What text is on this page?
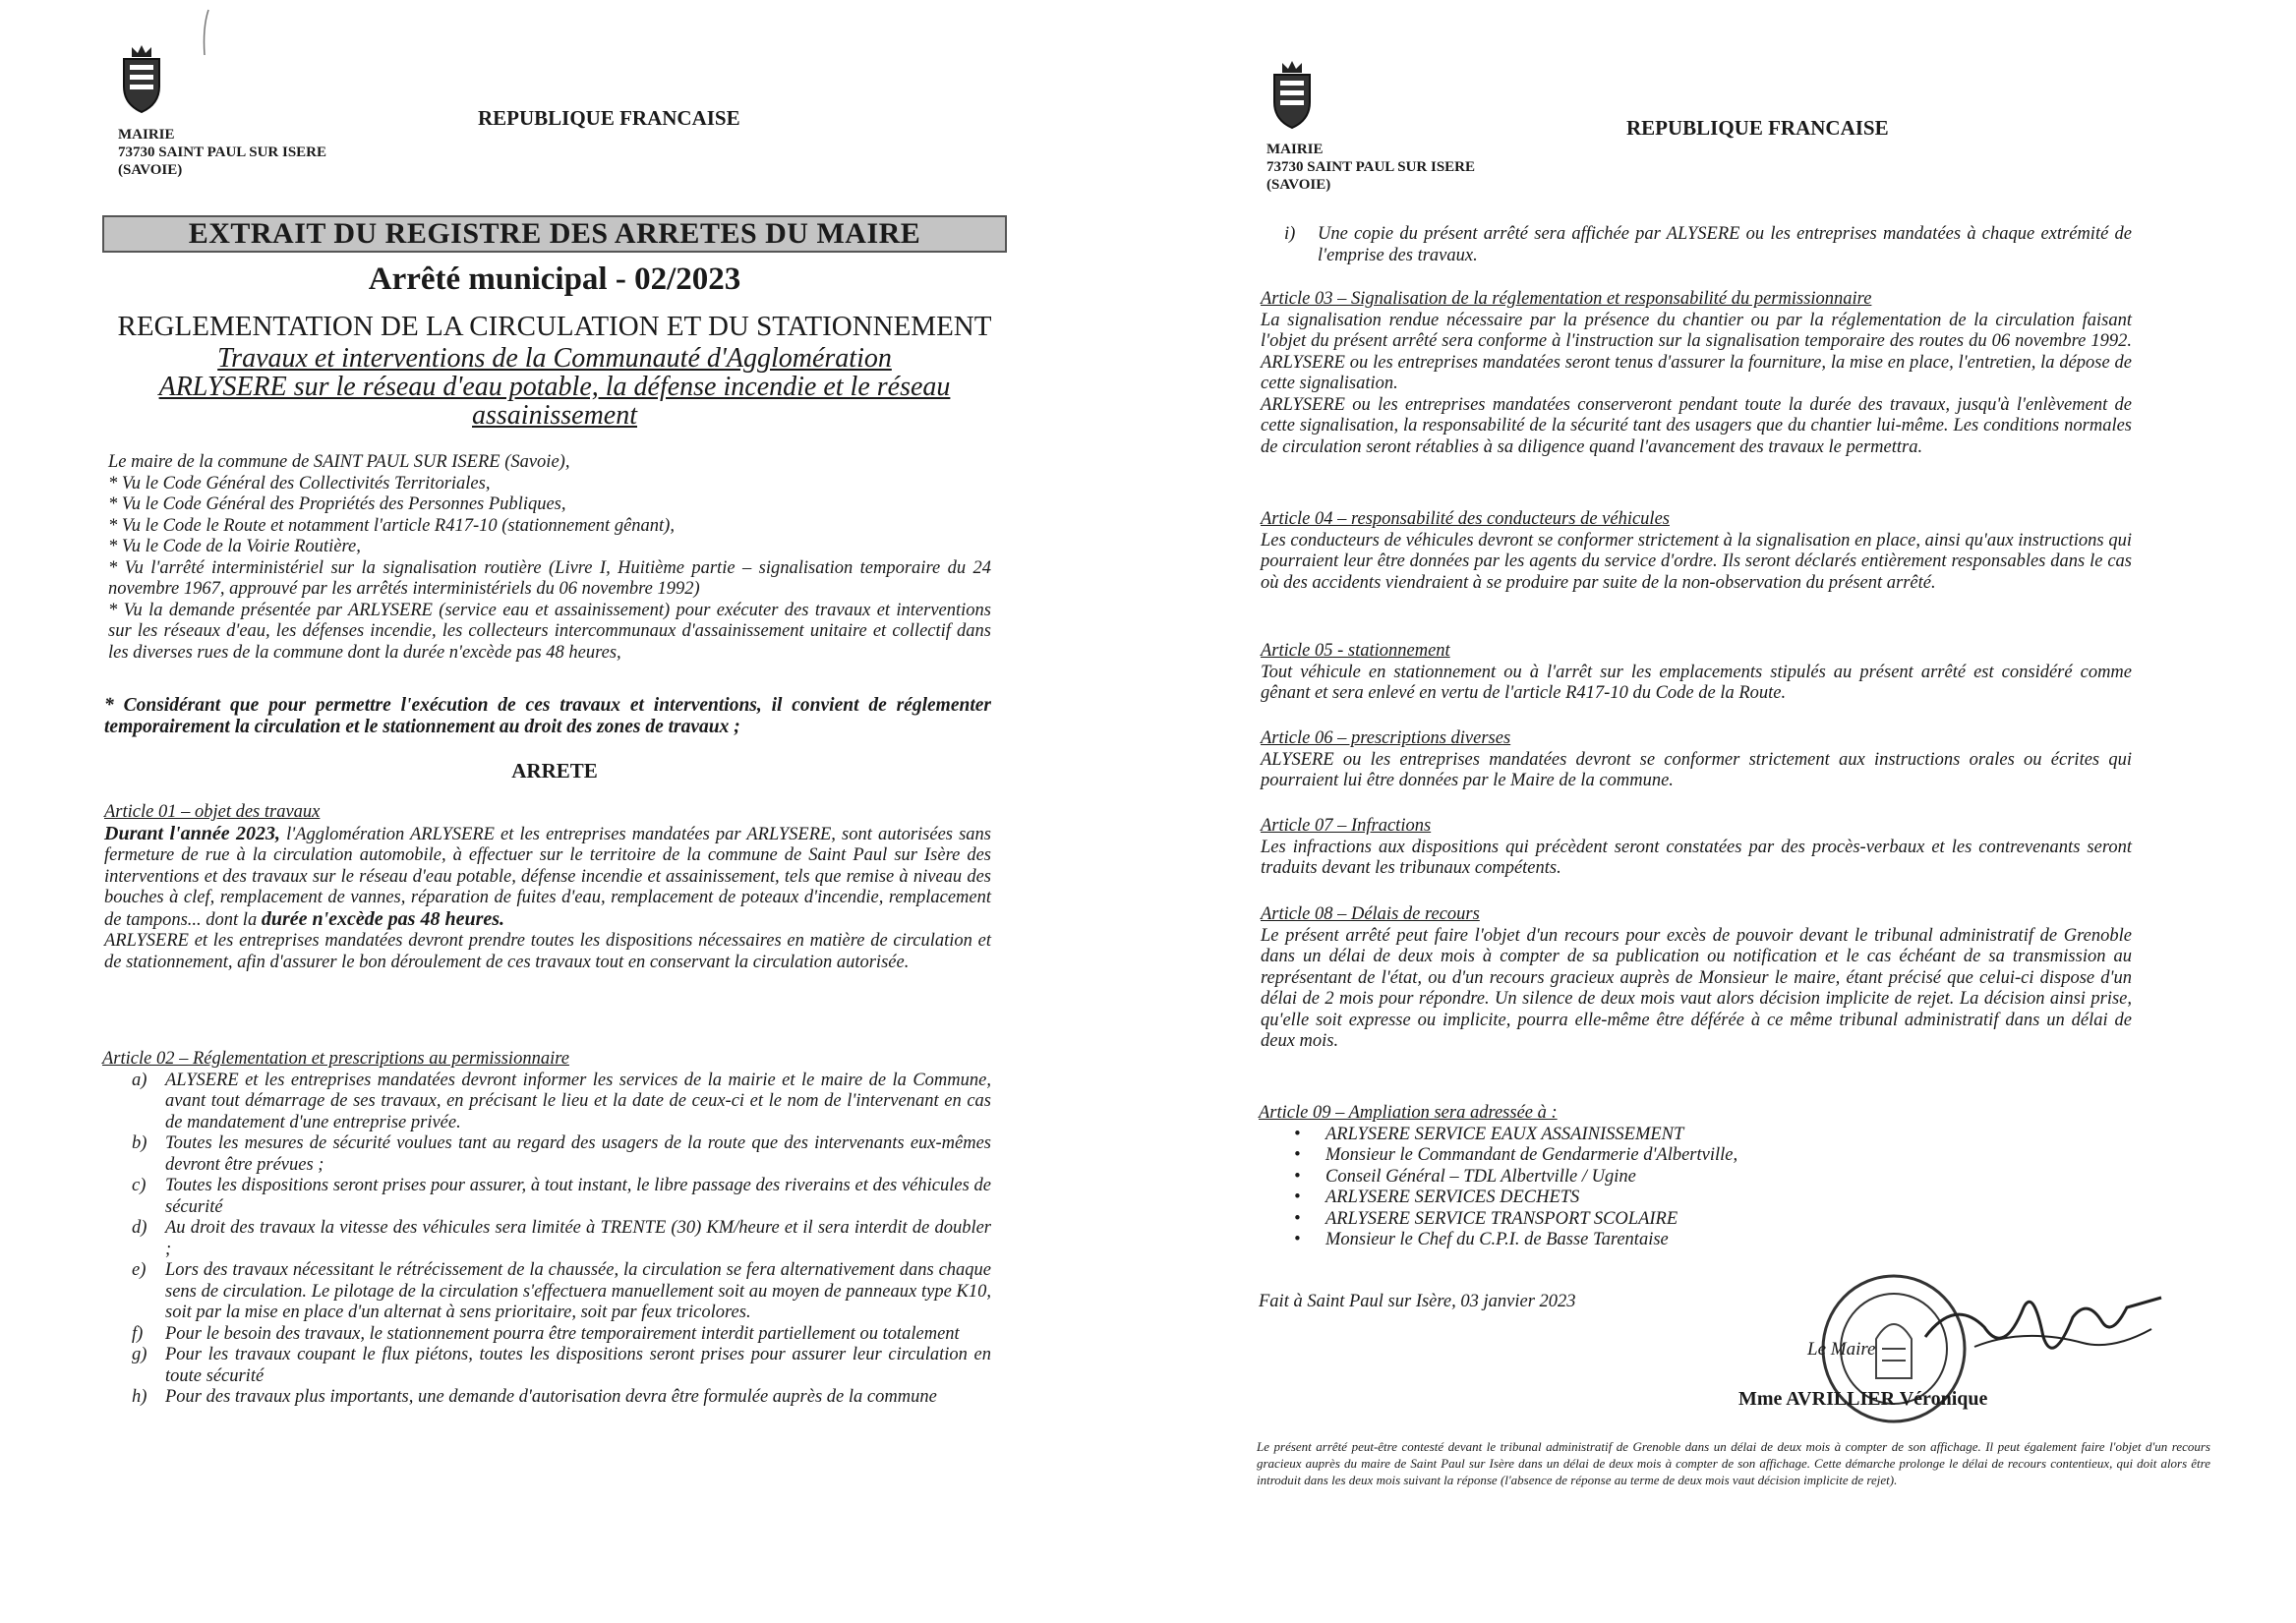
MAIRIE
73730 SAINT PAUL SUR ISERE
(SAVOIE)
REPUBLIQUE FRANCAISE
EXTRAIT DU REGISTRE DES ARRETES DU MAIRE
Arrêté municipal - 02/2023
REGLEMENTATION DE LA CIRCULATION ET DU STATIONNEMENT
Travaux et interventions de la Communauté d'Agglomération
ARLYSERE sur le réseau d'eau potable, la défense incendie et le réseau
assainissement

Le maire de la commune de SAINT PAUL SUR ISERE (Savoie),

* Vu le Code Général des Collectivités Territoriales,

* Vu le Code Général des Propriétés des Personnes Publiques,

* Vu le Code le Route et notamment l'article R417-10 (stationnement gênant),

* Vu le Code de la Voirie Routière,

* Vu l'arrêté interministériel sur la signalisation routière (Livre I, Huitième partie – signalisation temporaire du 24 novembre 1967, approuvé par les arrêtés interministériels du 06 novembre 1992)

* Vu la demande présentée par ARLYSERE (service eau et assainissement) pour exécuter des travaux et interventions sur les réseaux d'eau, les défenses incendie, les collecteurs intercommunaux d'assainissement unitaire et collectif dans les diverses rues de la commune dont la durée n'excède pas 48 heures,

* Considérant que pour permettre l'exécution de ces travaux et interventions, il convient de réglementer temporairement la circulation et le stationnement au droit des zones de travaux ;
ARRETE

Article 01 – objet des travaux

Durant l'année 2023, l'Agglomération ARLYSERE et les entreprises mandatées par ARLYSERE, sont autorisées sans fermeture de rue à la circulation automobile, à effectuer sur le territoire de la commune de Saint Paul sur Isère des interventions et des travaux sur le réseau d'eau potable, défense incendie et assainissement, tels que remise à niveau des bouches à clef, remplacement de vannes, réparation de fuites d'eau, remplacement de poteaux d'incendie, remplacement de tampons... dont la durée n'excède pas 48 heures.

ARLYSERE et les entreprises mandatées devront prendre toutes les dispositions nécessaires en matière de circulation et de stationnement, afin d'assurer le bon déroulement de ces travaux tout en conservant la circulation autorisée.

Article 02 – Réglementation et prescriptions au permissionnaire

a) ALYSERE et les entreprises mandatées devront informer les services de la mairie et le maire de la Commune, avant tout démarrage de ses travaux, en précisant le lieu et la date de ceux-ci et le nom de l'intervenant en cas de mandatement d'une entreprise privée.
b) Toutes les mesures de sécurité voulues tant au regard des usagers de la route que des intervenants eux-mêmes devront être prévues ;
c) Toutes les dispositions seront prises pour assurer, à tout instant, le libre passage des riverains et des véhicules de sécurité
d) Au droit des travaux la vitesse des véhicules sera limitée à TRENTE (30) KM/heure et il sera interdit de doubler ;
e) Lors des travaux nécessitant le rétrécissement de la chaussée, la circulation se fera alternativement dans chaque sens de circulation. Le pilotage de la circulation s'effectuera manuellement soit au moyen de panneaux type K10, soit par la mise en place d'un alternat à sens prioritaire, soit par feux tricolores.
f) Pour le besoin des travaux, le stationnement pourra être temporairement interdit partiellement ou totalement
g) Pour les travaux coupant le flux piétons, toutes les dispositions seront prises pour assurer leur circulation en toute sécurité
h) Pour des travaux plus importants, une demande d'autorisation devra être formulée auprès de la commune
MAIRIE
73730 SAINT PAUL SUR ISERE
(SAVOIE)
REPUBLIQUE FRANCAISE
i) Une copie du présent arrêté sera affichée par ALYSERE ou les entreprises mandatées à chaque extrémité de l'emprise des travaux.

Article 03 – Signalisation de la réglementation et responsabilité du permissionnaire

La signalisation rendue nécessaire par la présence du chantier ou par la réglementation de la circulation faisant l'objet du présent arrêté sera conforme à l'instruction sur la signalisation temporaire des routes du 06 novembre 1992. ARLYSERE ou les entreprises mandatées seront tenus d'assurer la fourniture, la mise en place, l'entretien, la dépose de cette signalisation.

ARLYSERE ou les entreprises mandatées conserveront pendant toute la durée des travaux, jusqu'à l'enlèvement de cette signalisation, la responsabilité de la sécurité tant des usagers que du chantier lui-même. Les conditions normales de circulation seront rétablies à sa diligence quand l'avancement des travaux le permettra.

Article 04 – responsabilité des conducteurs de véhicules

Les conducteurs de véhicules devront se conformer strictement à la signalisation en place, ainsi qu'aux instructions qui pourraient leur être données par les agents du service d'ordre. Ils seront déclarés entièrement responsables dans le cas où des accidents viendraient à se produire par suite de la non-observation du présent arrêté.

Article 05 - stationnement

Tout véhicule en stationnement ou à l'arrêt sur les emplacements stipulés au présent arrêté est considéré comme gênant et sera enlevé en vertu de l'article R417-10 du Code de la Route.

Article 06 – prescriptions diverses

ALYSERE ou les entreprises mandatées devront se conformer strictement aux instructions orales ou écrites qui pourraient lui être données par le Maire de la commune.

Article 07 – Infractions

Les infractions aux dispositions qui précèdent seront constatées par des procès-verbaux et les contrevenants seront traduits devant les tribunaux compétents.

Article 08 – Délais de recours

Le présent arrêté peut faire l'objet d'un recours pour excès de pouvoir devant le tribunal administratif de Grenoble dans un délai de deux mois à compter de sa publication ou notification et le cas échéant de sa transmission au représentant de l'état, ou d'un recours gracieux auprès de Monsieur le maire, étant précisé que celui-ci dispose d'un délai de 2 mois pour répondre. Un silence de deux mois vaut alors décision implicite de rejet. La décision ainsi prise, qu'elle soit expresse ou implicite, pourra elle-même être déférée à ce même tribunal administratif dans un délai de deux mois.

Article 09 – Ampliation sera adressée à :

• ARLYSERE SERVICE EAUX ASSAINISSEMENT
• Monsieur le Commandant de Gendarmerie d'Albertville,
• Conseil Général – TDL Albertville / Ugine
• ARLYSERE SERVICES DECHETS
• ARLYSERE SERVICE TRANSPORT SCOLAIRE
• Monsieur le Chef du C.P.I. de Basse Tarentaise
Fait à Saint Paul sur Isère, 03 janvier 2023
Le Maire
Mme AVRILLIER Véronique
Le présent arrêté peut-être contesté devant le tribunal administratif de Grenoble dans un délai de deux mois à compter de son affichage. Il peut également faire l'objet d'un recours gracieux auprès du maire de Saint Paul sur Isère dans un délai de deux mois à compter de son affichage. Cette démarche prolonge le délai de recours contentieux, qui doit alors être introduit dans les deux mois suivant la réponse (l'absence de réponse au terme de deux mois vaut décision implicite de rejet).
